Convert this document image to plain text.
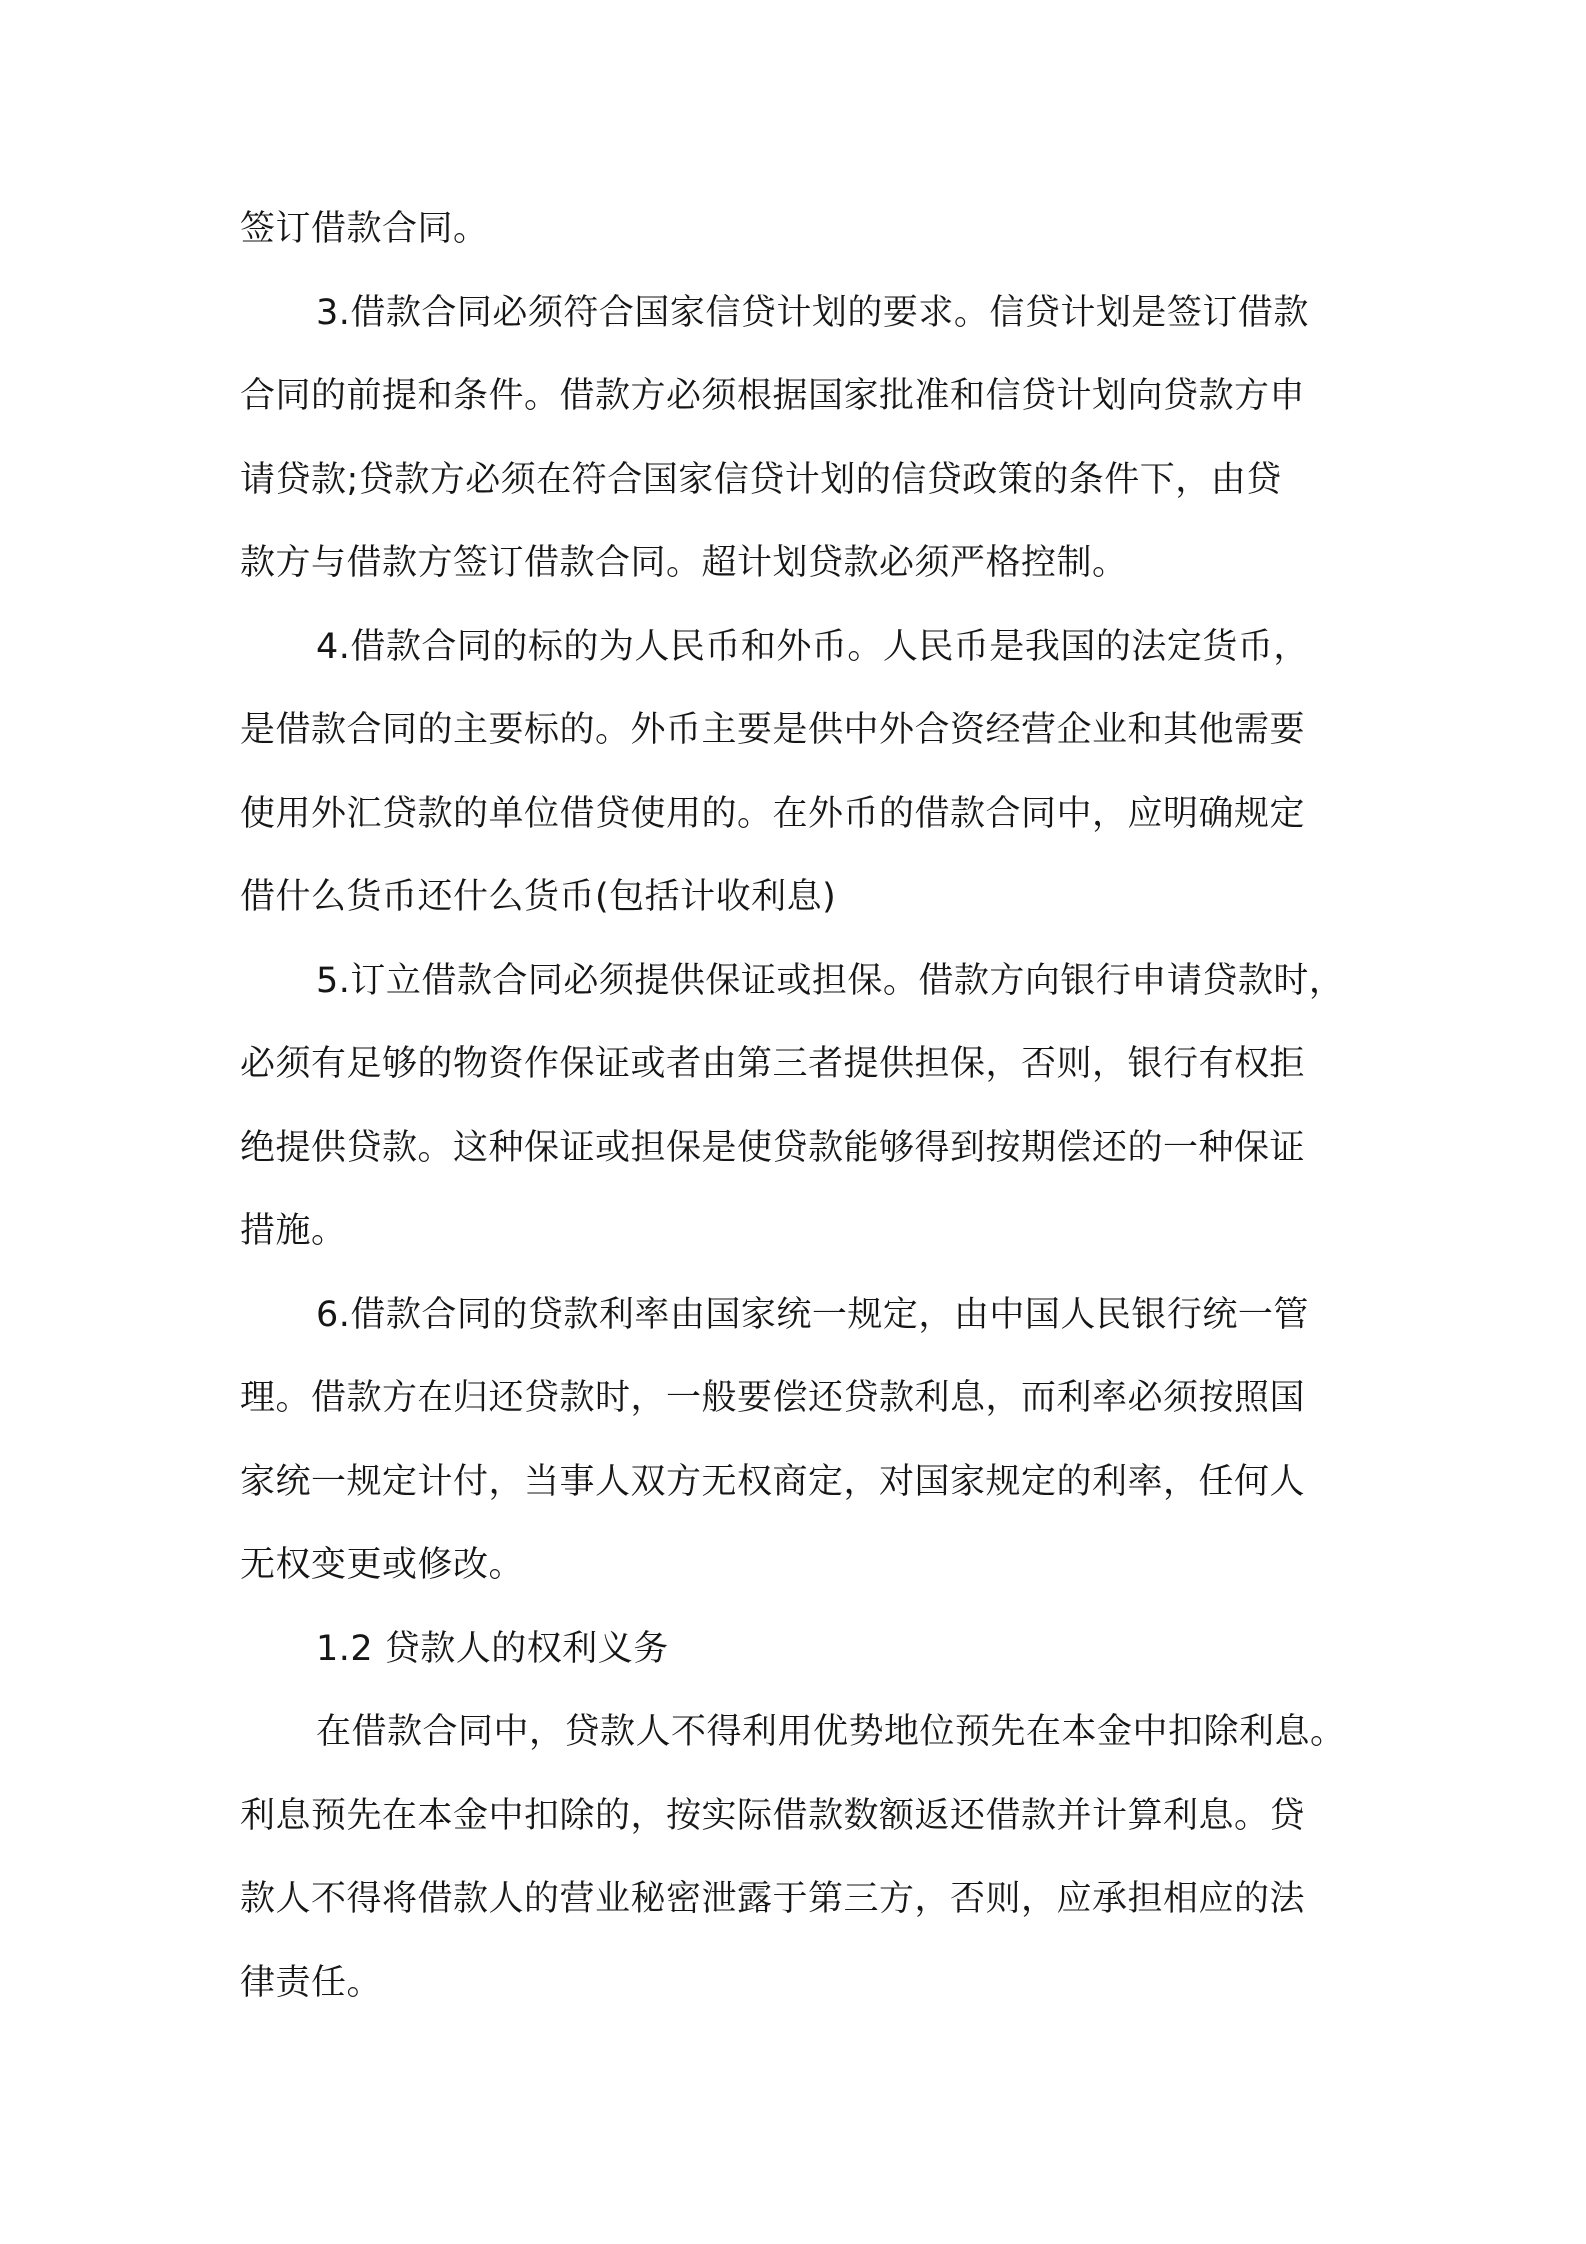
签订借款合同。
3.借款合同必须符合国家信贷计划的要求。信贷计划是签订借款
合同的前提和条件。借款方必须根据国家批准和信贷计划向贷款方申
请贷款;贷款方必须在符合国家信贷计划的信贷政策的条件下，由贷
款方与借款方签订借款合同。超计划贷款必须严格控制。
4.借款合同的标的为人民币和外币。人民币是我国的法定货币，
是借款合同的主要标的。外币主要是供中外合资经营企业和其他需要
使用外汇贷款的单位借贷使用的。在外币的借款合同中，应明确规定
借什么货币还什么货币(包括计收利息)
5.订立借款合同必须提供保证或担保。借款方向银行申请贷款时，
必须有足够的物资作保证或者由第三者提供担保，否则，银行有权拒
绝提供贷款。这种保证或担保是使贷款能够得到按期偿还的一种保证
措施。
6.借款合同的贷款利率由国家统一规定，由中国人民银行统一管
理。借款方在归还贷款时，一般要偿还贷款利息，而利率必须按照国
家统一规定计付，当事人双方无权商定，对国家规定的利率，任何人
无权变更或修改。
1.2 贷款人的权利义务
在借款合同中，贷款人不得利用优势地位预先在本金中扣除利息。
利息预先在本金中扣除的，按实际借款数额返还借款并计算利息。贷
款人不得将借款人的营业秘密泄露于第三方，否则，应承担相应的法
律责任。
